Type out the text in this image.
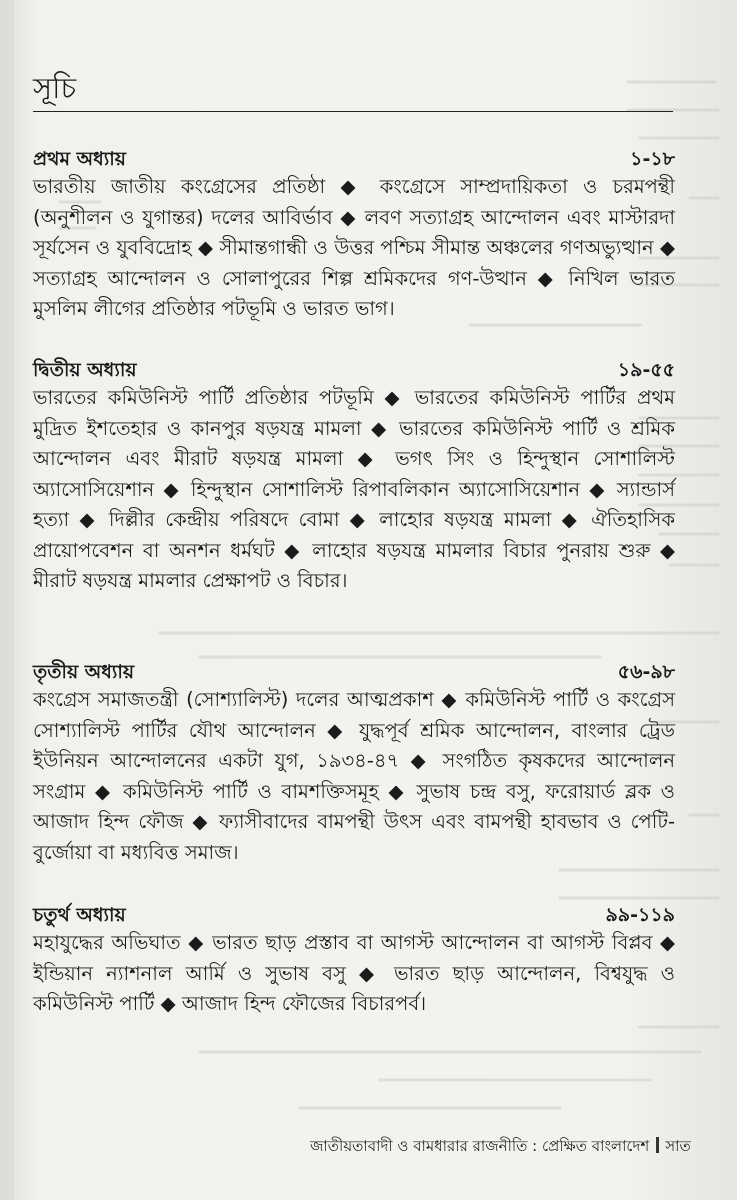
সূচি
প্রথম অধ্যায়	১-১৮

ভারতীয় জাতীয় কংগ্রেসের প্রতিষ্ঠা ◆ কংগ্রেসে সাম্প্রদায়িকতা ও চরমপন্থী (অনুশীলন ও যুগান্তর) দলের আবির্ভাব ◆ লবণ সত্যাগ্রহ আন্দোলন এবং মাস্টারদা সূর্যসেন ও যুববিদ্রোহ ◆ সীমান্তগান্ধী ও উত্তর পশ্চিম সীমান্ত অঞ্চলের গণঅভ্যুত্থান ◆ সত্যাগ্রহ আন্দোলন ও সোলাপুরের শিল্প শ্রমিকদের গণ-উত্থান ◆ নিখিল ভারত মুসলিম লীগের প্রতিষ্ঠার পটভূমি ও ভারত ভাগ।

দ্বিতীয় অধ্যায়	১৯-৫৫

ভারতের কমিউনিস্ট পার্টি প্রতিষ্ঠার পটভূমি ◆ ভারতের কমিউনিস্ট পার্টির প্রথম মুদ্রিত ইশতেহার ও কানপুর ষড়যন্ত্র মামলা ◆ ভারতের কমিউনিস্ট পার্টি ও শ্রমিক আন্দোলন এবং মীরাট ষড়যন্ত্র মামলা ◆ ভগৎ সিং ও হিন্দুস্থান সোশালিস্ট অ্যাসোসিয়েশান ◆ হিন্দুস্থান সোশালিস্ট রিপাবলিকান অ্যাসোসিয়েশান ◆ স্যান্ডার্স হত্যা ◆ দিল্লীর কেন্দ্রীয় পরিষদে বোমা ◆ লাহোর ষড়যন্ত্র মামলা ◆ ঐতিহাসিক প্রায়োপবেশন বা অনশন ধর্মঘট ◆ লাহোর ষড়যন্ত্র মামলার বিচার পুনরায় শুরু ◆ মীরাট ষড়যন্ত্র মামলার প্রেক্ষাপট ও বিচার।

তৃতীয় অধ্যায়	৫৬-৯৮

কংগ্রেস সমাজতন্ত্রী (সোশ্যালিস্ট) দলের আত্মপ্রকাশ ◆ কমিউনিস্ট পার্টি ও কংগ্রেস সোশ্যালিস্ট পার্টির যৌথ আন্দোলন ◆ যুদ্ধপূর্ব শ্রমিক আন্দোলন, বাংলার ট্রেড ইউনিয়ন আন্দোলনের একটা যুগ, ১৯৩৪-৪৭ ◆ সংগঠিত কৃষকদের আন্দোলন সংগ্রাম ◆ কমিউনিস্ট পার্টি ও বামশক্তিসমূহ ◆ সুভাষ চন্দ্র বসু, ফরোয়ার্ড ব্লক ও আজাদ হিন্দ ফৌজ ◆ ফ্যাসীবাদের বামপন্থী উৎস এবং বামপন্থী হাবভাব ও পেটি-বুর্জোয়া বা মধ্যবিত্ত সমাজ।

চতুর্থ অধ্যায়	৯৯-১১৯

মহাযুদ্ধের অভিঘাত ◆ ভারত ছাড় প্রস্তাব বা আগস্ট আন্দোলন বা আগস্ট বিপ্লব ◆ ইন্ডিয়ান ন্যাশনাল আর্মি ও সুভাষ বসু ◆ ভারত ছাড় আন্দোলন, বিশ্বযুদ্ধ ও কমিউনিস্ট পার্টি ◆ আজাদ হিন্দ ফৌজের বিচারপর্ব।

জাতীয়তাবাদী ও বামধারার রাজনীতি : প্রেক্ষিত বাংলাদেশ সাত
